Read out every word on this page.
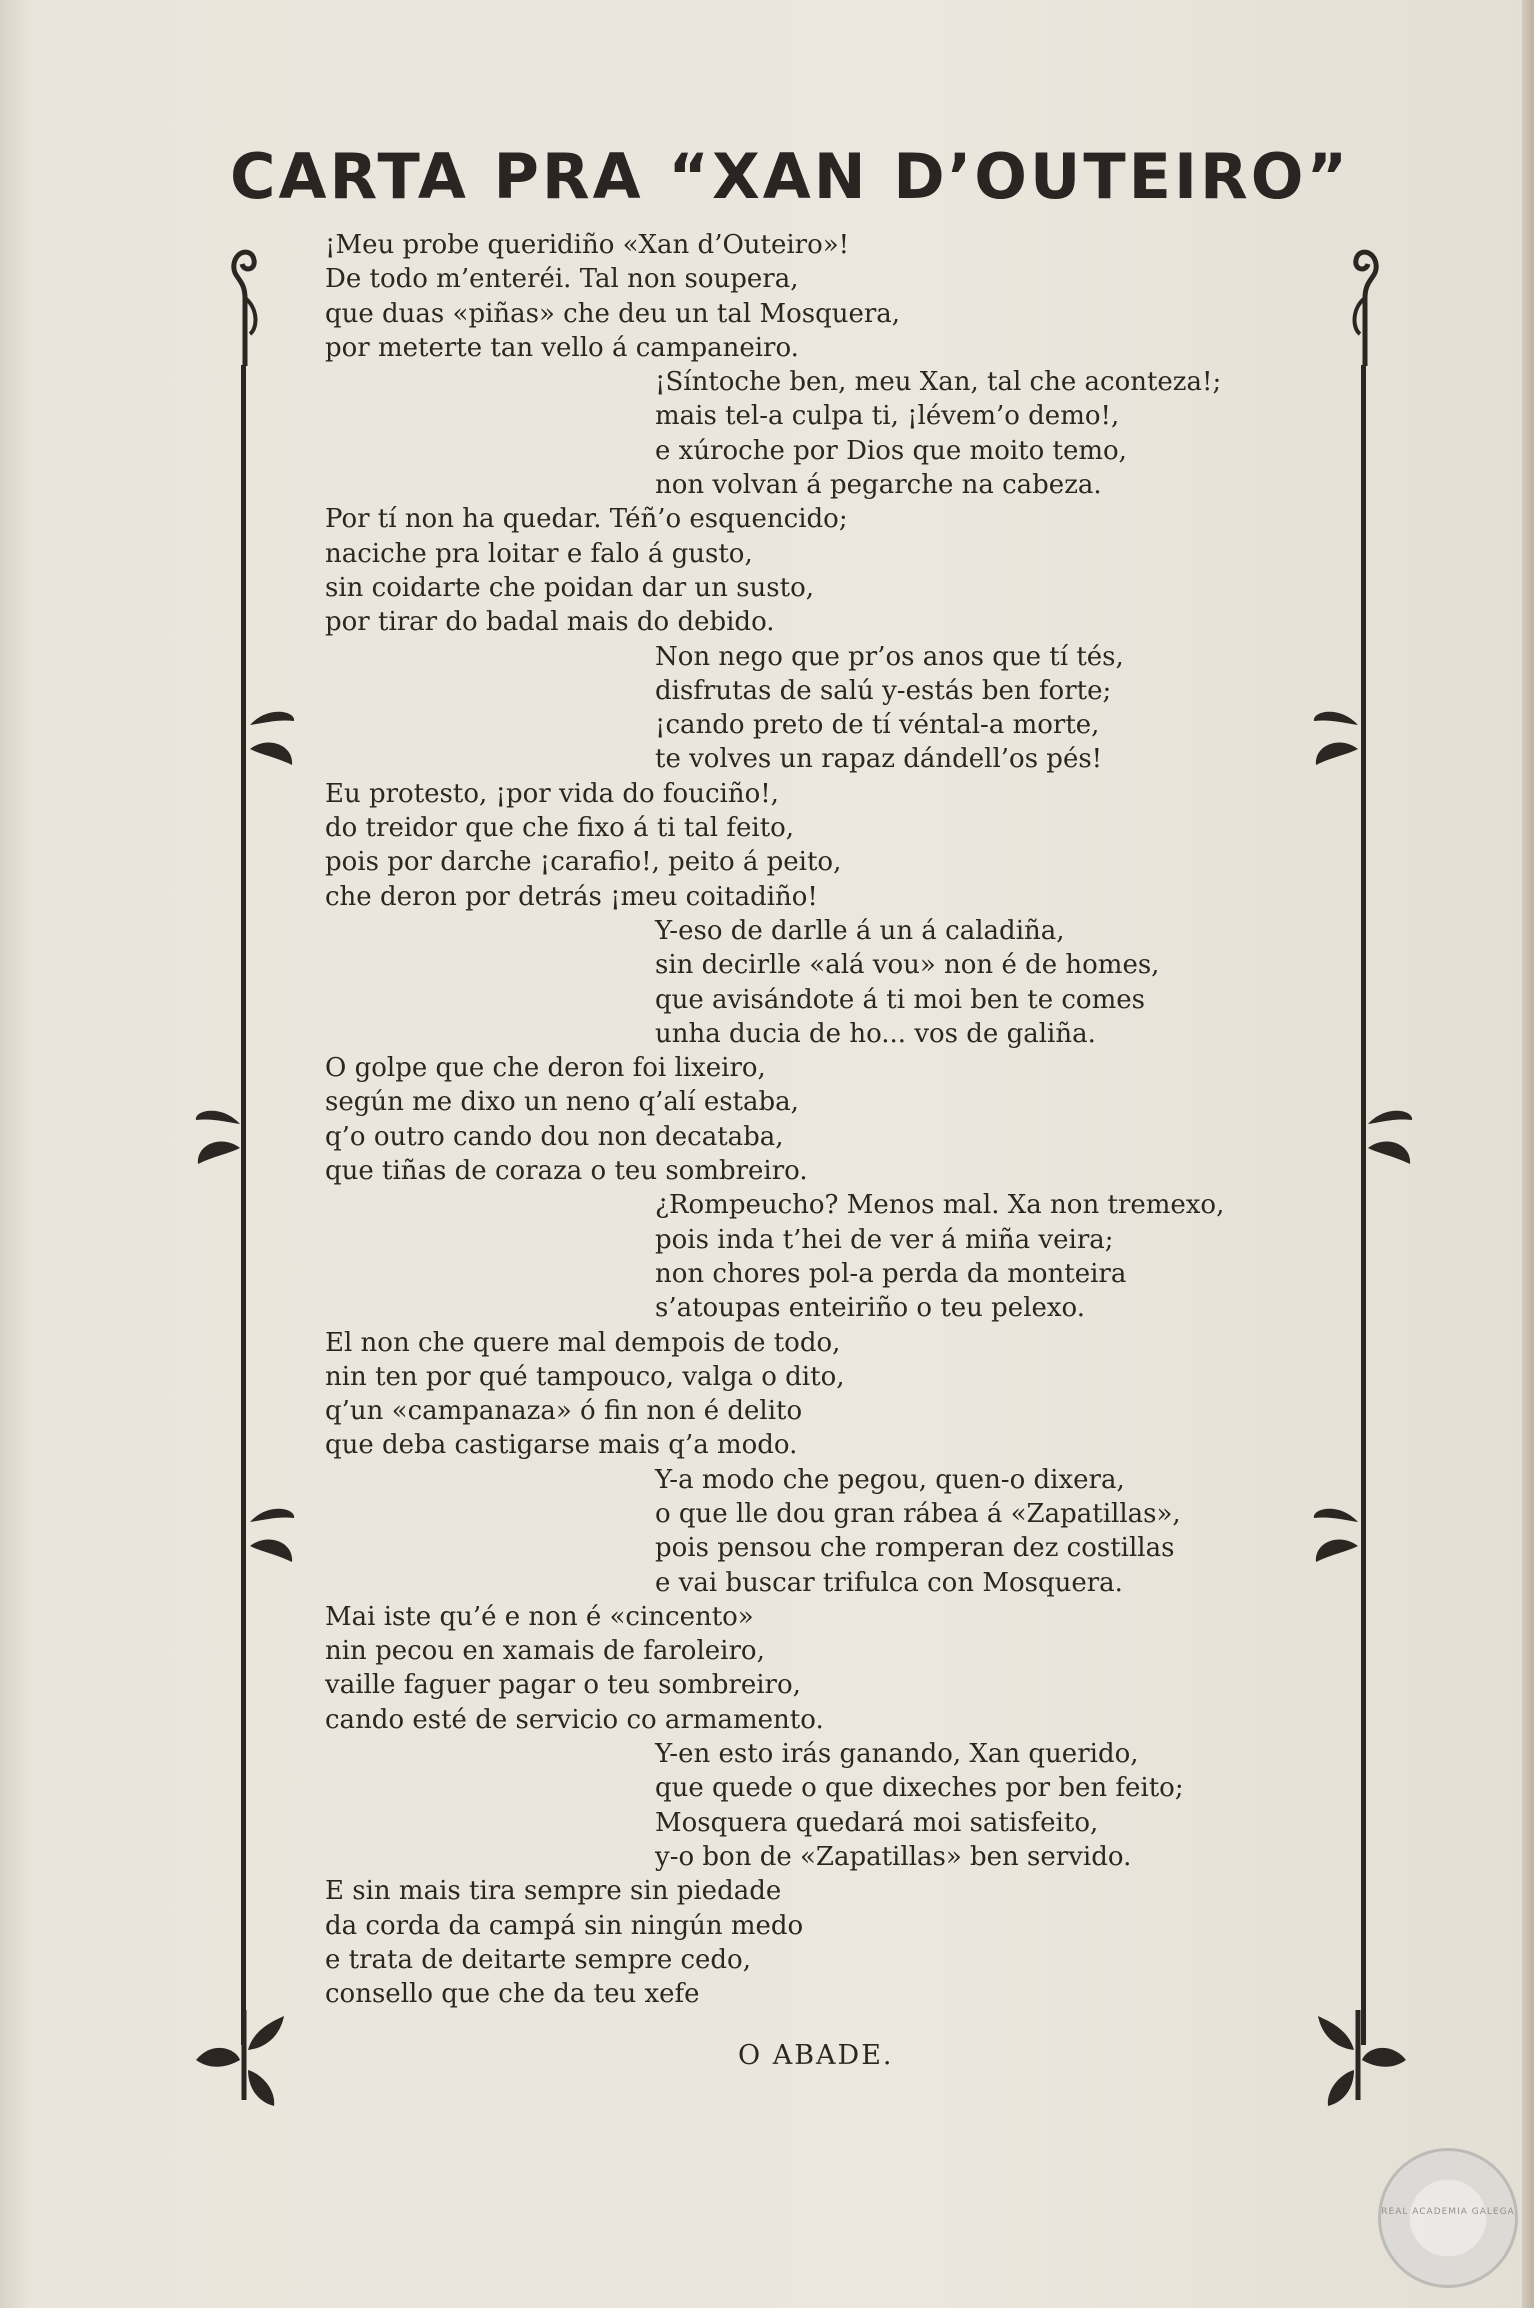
CARTA PRA “XAN D’OUTEIRO”
¡Meu probe queridiño «Xan d’Outeiro»!
De todo m’enteréi. Tal non soupera,
que duas «piñas» che deu un tal Mosquera,
por meterte tan vello á campaneiro.
¡Síntoche ben, meu Xan, tal che aconteza!;
mais tel-a culpa ti, ¡lévem’o demo!,
e xúroche por Dios que moito temo,
non volvan á pegarche na cabeza.
Por tí non ha quedar. Téñ’o esquencido;
naciche pra loitar e falo á gusto,
sin coidarte che poidan dar un susto,
por tirar do badal mais do debido.
Non nego que pr’os anos que tí tés,
disfrutas de salú y-estás ben forte;
¡cando preto de tí véntal-a morte,
te volves un rapaz dándell’os pés!
Eu protesto, ¡por vida do fouciño!,
do treidor que che fixo á ti tal feito,
pois por darche ¡carafio!, peito á peito,
che deron por detrás ¡meu coitadiño!
Y-eso de darlle á un á caladiña,
sin decirlle «alá vou» non é de homes,
que avisándote á ti moi ben te comes
unha ducia de ho... vos de galiña.
O golpe que che deron foi lixeiro,
según me dixo un neno q’alí estaba,
q’o outro cando dou non decataba,
que tiñas de coraza o teu sombreiro.
¿Rompeucho? Menos mal. Xa non tremexo,
pois inda t’hei de ver á miña veira;
non chores pol-a perda da monteira
s’atoupas enteiriño o teu pelexo.
El non che quere mal dempois de todo,
nin ten por qué tampouco, valga o dito,
q’un «campanaza» ó fin non é delito
que deba castigarse mais q’a modo.
Y-a modo che pegou, quen-o dixera,
o que lle dou gran rábea á «Zapatillas»,
pois pensou che romperan dez costillas
e vai buscar trifulca con Mosquera.
Mai iste qu’é e non é «cincento»
nin pecou en xamais de faroleiro,
vaille faguer pagar o teu sombreiro,
cando esté de servicio co armamento.
Y-en esto irás ganando, Xan querido,
que quede o que dixeches por ben feito;
Mosquera quedará moi satisfeito,
y-o bon de «Zapatillas» ben servido.
E sin mais tira sempre sin piedade
da corda da campá sin ningún medo
e trata de deitarte sempre cedo,
consello que che da teu xefe
O ABADE.
REAL ACADEMIA GALEGA
